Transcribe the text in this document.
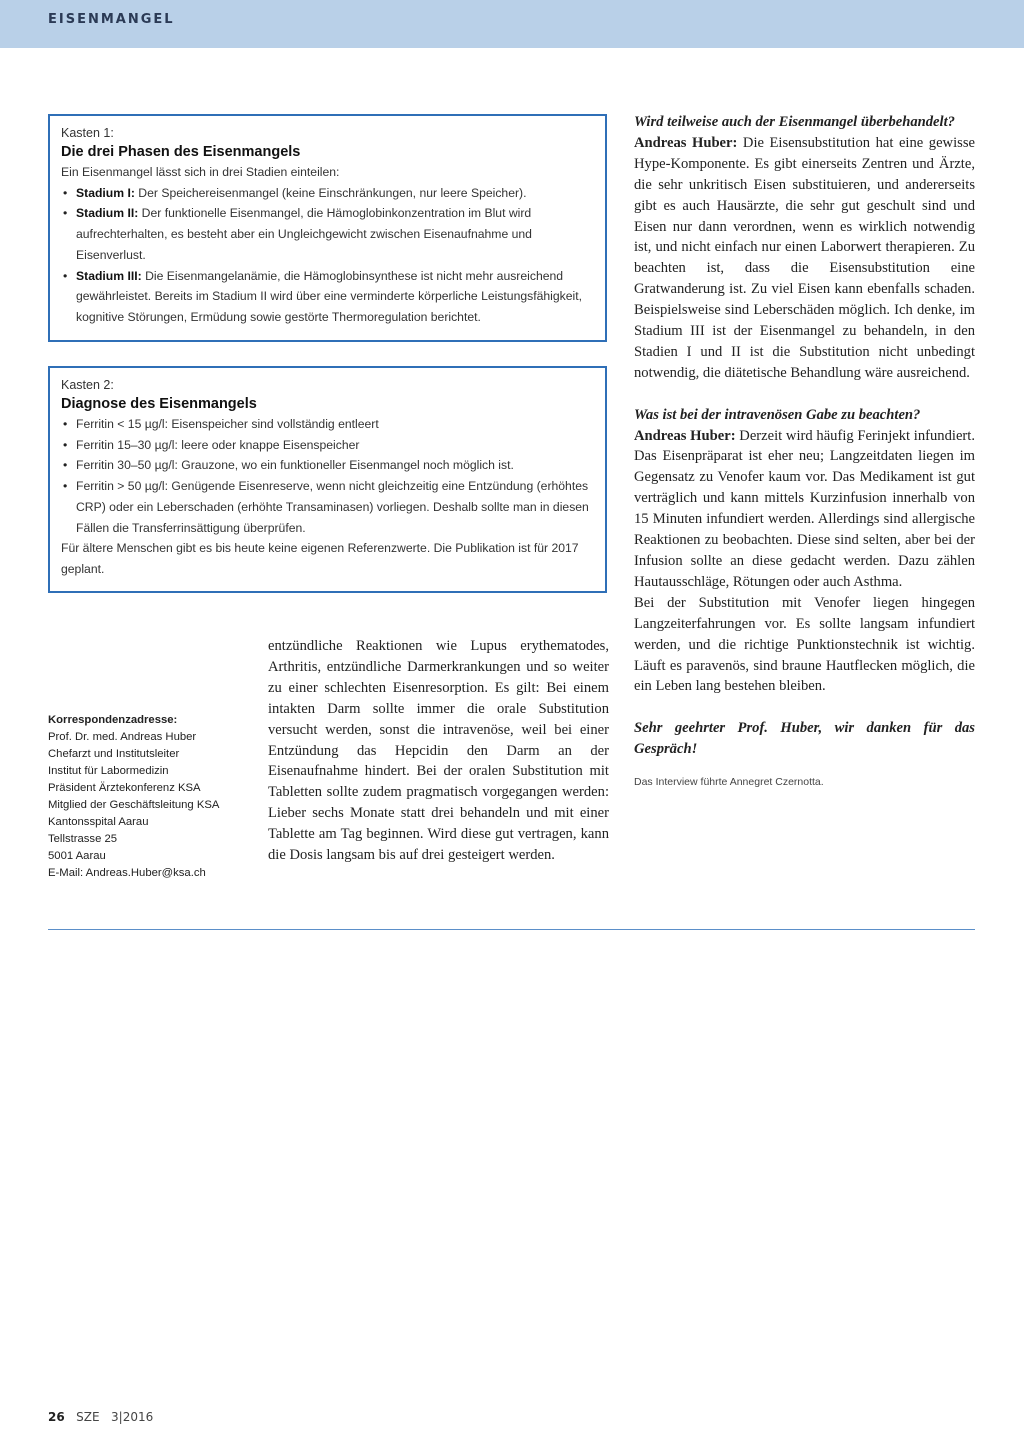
EISENMANGEL

Kasten 1:

Die drei Phasen des Eisenmangels

Ein Eisenmangel lässt sich in drei Stadien einteilen:

• Stadium I: Der Speichereisenmangel (keine Einschränkungen, nur leere Speicher).
• Stadium II: Der funktionelle Eisenmangel, die Hämoglobinkonzentration im Blut wird aufrechterhalten, es besteht aber ein Ungleichgewicht zwischen Eisenaufnahme und Eisenverlust.
• Stadium III: Die Eisenmangelanämie, die Hämoglobinsynthese ist nicht mehr ausreichend gewährleistet. Bereits im Stadium II wird über eine verminderte körperliche Leistungsfähigkeit, kognitive Störungen, Ermüdung sowie gestörte Thermoregulation berichtet.

Kasten 2:

Diagnose des Eisenmangels

• Ferritin < 15 µg/l: Eisenspeicher sind vollständig entleert
• Ferritin 15–30 µg/l: leere oder knappe Eisenspeicher
• Ferritin 30–50 µg/l: Grauzone, wo ein funktioneller Eisenmangel noch möglich ist.
• Ferritin > 50 µg/l: Genügende Eisenreserve, wenn nicht gleichzeitig eine Entzündung (erhöhtes CRP) oder ein Leberschaden (erhöhte Transaminasen) vorliegen. Deshalb sollte man in diesen Fällen die Transferrinsättigung überprüfen.

Für ältere Menschen gibt es bis heute keine eigenen Referenzwerte. Die Publikation ist für 2017 geplant.

Korrespondenzadresse:
Prof. Dr. med. Andreas Huber
Chefarzt und Institutsleiter
Institut für Labormedizin
Präsident Ärztekonferenz KSA
Mitglied der Geschäftsleitung KSA
Kantonsspital Aarau
Tellstrasse 25
5001 Aarau
E-Mail: Andreas.Huber@ksa.ch

entzündliche Reaktionen wie Lupus erythematodes, Arthritis, entzündliche Darmerkrankungen und so weiter zu einer schlechten Eisenresorption. Es gilt: Bei einem intakten Darm sollte immer die orale Substitution versucht werden, sonst die intravenöse, weil bei einer Entzündung das Hepcidin den Darm an der Eisenaufnahme hindert. Bei der oralen Substitution mit Tabletten sollte zudem pragmatisch vorgegangen werden: Lieber sechs Monate statt drei behandeln und mit einer Tablette am Tag beginnen. Wird diese gut vertragen, kann die Dosis langsam bis auf drei gesteigert werden.

Wird teilweise auch der Eisenmangel überbehandelt?

Andreas Huber: Die Eisensubstitution hat eine gewisse Hype-Komponente. Es gibt einerseits Zentren und Ärzte, die sehr unkritisch Eisen substituieren, und andererseits gibt es auch Hausärzte, die sehr gut geschult sind und Eisen nur dann verordnen, wenn es wirklich notwendig ist, und nicht einfach nur einen Laborwert therapieren. Zu beachten ist, dass die Eisensubstitution eine Gratwanderung ist. Zu viel Eisen kann ebenfalls schaden. Beispielsweise sind Leberschäden möglich. Ich denke, im Stadium III ist der Eisenmangel zu behandeln, in den Stadien I und II ist die Substitution nicht unbedingt notwendig, die diätetische Behandlung wäre ausreichend.

Was ist bei der intravenösen Gabe zu beachten?

Andreas Huber: Derzeit wird häufig Ferinjekt infundiert. Das Eisenpräparat ist eher neu; Langzeitdaten liegen im Gegensatz zu Venofer kaum vor. Das Medikament ist gut verträglich und kann mittels Kurzinfusion innerhalb von 15 Minuten infundiert werden. Allerdings sind allergische Reaktionen zu beobachten. Diese sind selten, aber bei der Infusion sollte an diese gedacht werden. Dazu zählen Hautausschläge, Rötungen oder auch Asthma.

Bei der Substitution mit Venofer liegen hingegen Langzeiterfahrungen vor. Es sollte langsam infundiert werden, und die richtige Punktionstechnik ist wichtig. Läuft es paravenös, sind braune Hautflecken möglich, die ein Leben lang bestehen bleiben.

Sehr geehrter Prof. Huber, wir danken für das Gespräch!

Das Interview führte Annegret Czernotta.

26 SZE 3|2016
